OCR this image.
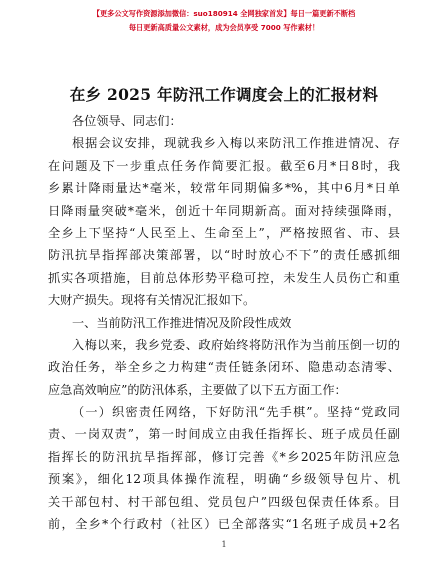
【更多公文写作资源添加微信：suo180914 全网独家首发】每日一篇更新不断档
每日更新高质量公文素材，成为会员享受 7000 写作素材！
在乡 2025 年防汛工作调度会上的汇报材料
各位领导、同志们：
根据会议安排，现就我乡入梅以来防汛工作推进情况、存
在问题及下一步重点任务作简要汇报。截至6月*日8时，我
乡累计降雨量达*毫米，较常年同期偏多*%，其中6月*日单
日降雨量突破*毫米，创近十年同期新高。面对持续强降雨，
全乡上下坚持“人民至上、生命至上”，严格按照省、市、县
防汛抗旱指挥部决策部署，以“时时放心不下”的责任感抓细
抓实各项措施，目前总体形势平稳可控，未发生人员伤亡和重
大财产损失。现将有关情况汇报如下。
一、当前防汛工作推进情况及阶段性成效
入梅以来，我乡党委、政府始终将防汛作为当前压倒一切的
政治任务，举全乡之力构建“责任链条闭环、隐患动态清零、
应急高效响应”的防汛体系，主要做了以下五方面工作：
（一）织密责任网络，下好防汛“先手棋”。坚持“党政同
责、一岗双责”，第一时间成立由我任指挥长、班子成员任副
指挥长的防汛抗旱指挥部，修订完善《*乡2025年防汛应急
预案》，细化12项具体操作流程，明确“乡级领导包片、机
关干部包村、村干部包组、党员包户”四级包保责任体系。目
前，全乡*个行政村（社区）已全部落实“1名班子成员+2名
1
